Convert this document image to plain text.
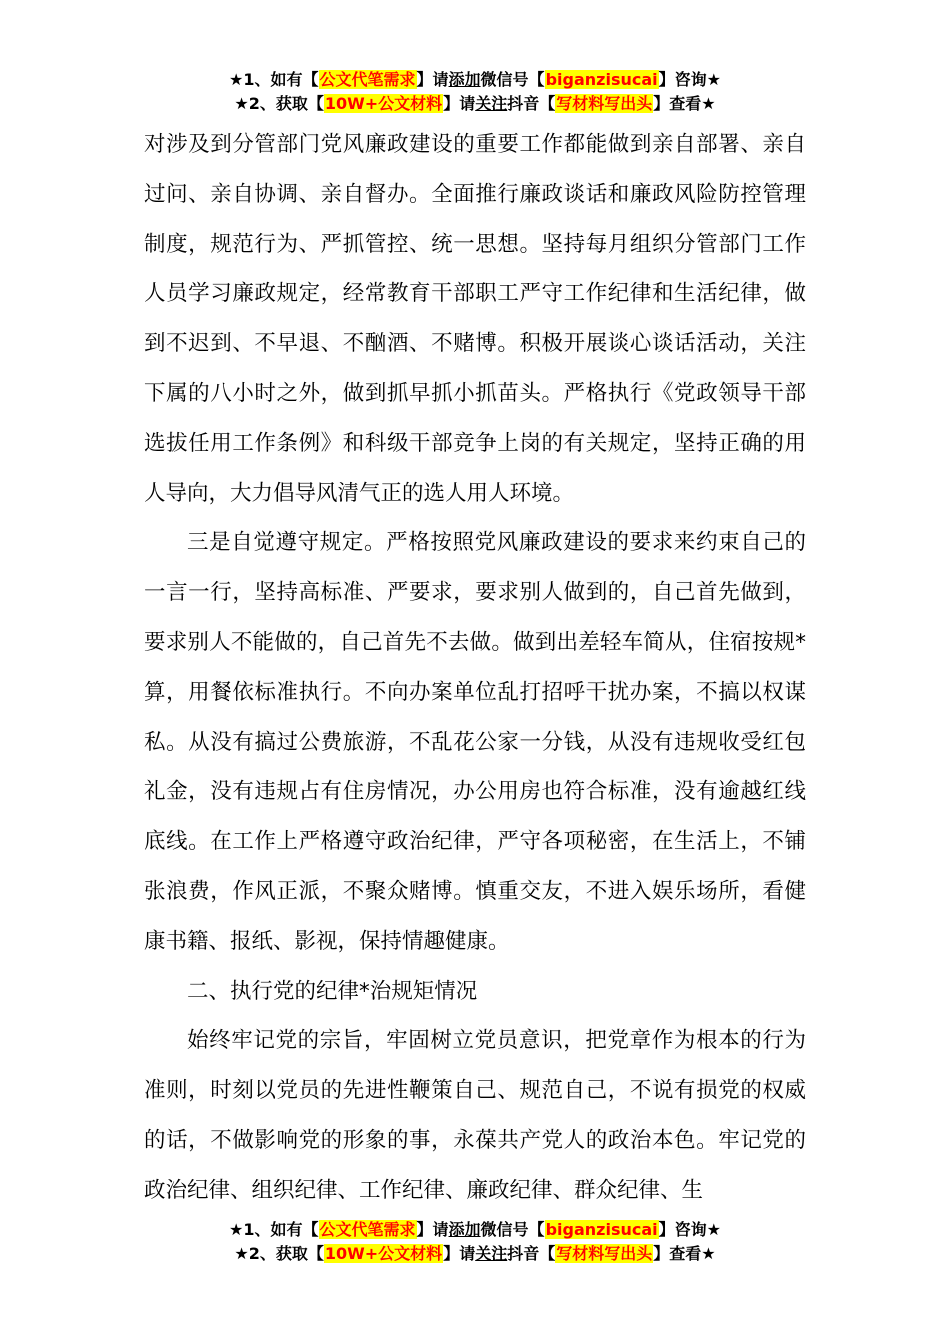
★1、如有【公文代笔需求】请添加微信号【biganzisucai】咨询★
★2、获取【10W+公文材料】请关注抖音【写材料写出头】查看★

对涉及到分管部门党风廉政建设的重要工作都能做到亲自部署、亲自过问、亲自协调、亲自督办。全面推行廉政谈话和廉政风险防控管理制度，规范行为、严抓管控、统一思想。坚持每月组织分管部门工作人员学习廉政规定，经常教育干部职工严守工作纪律和生活纪律，做到不迟到、不早退、不酗酒、不赌博。积极开展谈心谈话活动，关注下属的八小时之外，做到抓早抓小抓苗头。严格执行《党政领导干部选拔任用工作条例》和科级干部竞争上岗的有关规定，坚持正确的用人导向，大力倡导风清气正的选人用人环境。

三是自觉遵守规定。严格按照党风廉政建设的要求来约束自己的一言一行，坚持高标准、严要求，要求别人做到的，自己首先做到，要求别人不能做的，自己首先不去做。做到出差轻车简从，住宿按规*算，用餐依标准执行。不向办案单位乱打招呼干扰办案，不搞以权谋私。从没有搞过公费旅游，不乱花公家一分钱，从没有违规收受红包礼金，没有违规占有住房情况，办公用房也符合标准，没有逾越红线底线。在工作上严格遵守政治纪律，严守各项秘密，在生活上，不铺张浪费，作风正派，不聚众赌博。慎重交友，不进入娱乐场所，看健康书籍、报纸、影视，保持情趣健康。

二、执行党的纪律*治规矩情况

始终牢记党的宗旨，牢固树立党员意识，把党章作为根本的行为准则，时刻以党员的先进性鞭策自己、规范自己，不说有损党的权威的话，不做影响党的形象的事，永葆共产党人的政治本色。牢记党的政治纪律、组织纪律、工作纪律、廉政纪律、群众纪律、生

★1、如有【公文代笔需求】请添加微信号【biganzisucai】咨询★
★2、获取【10W+公文材料】请关注抖音【写材料写出头】查看★
